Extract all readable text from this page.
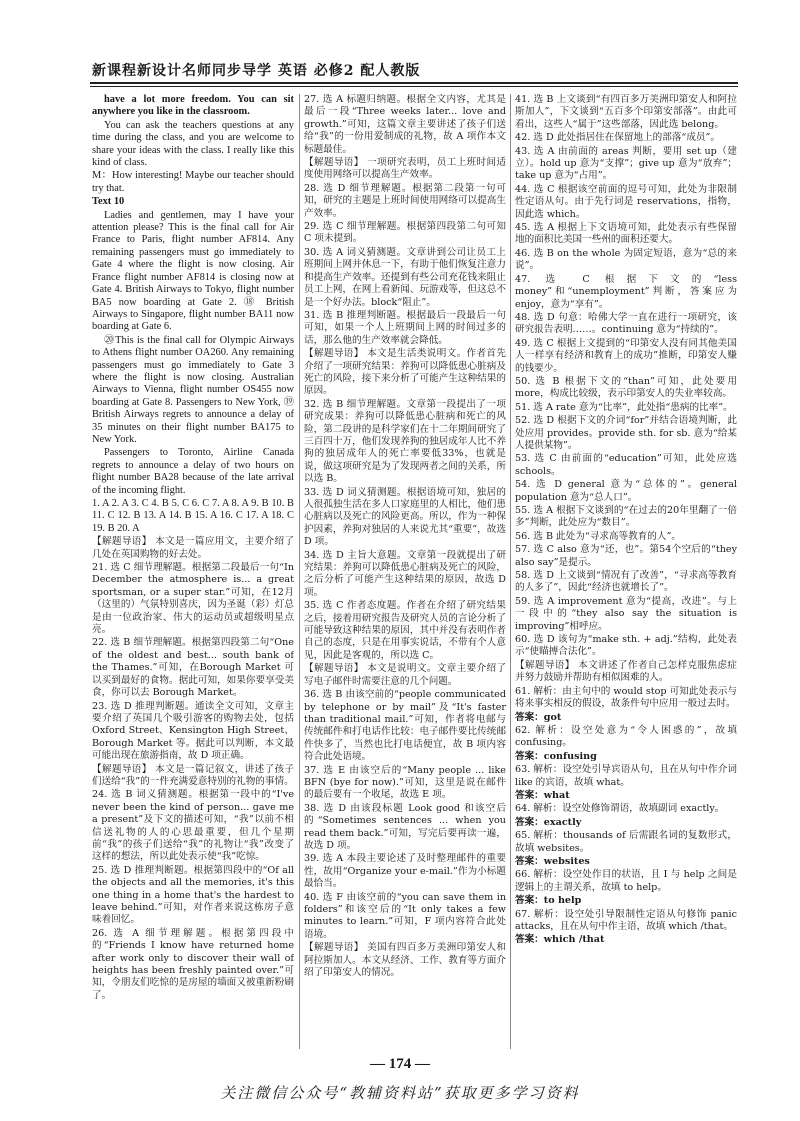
新课程新设计名师同步导学 英语 必修2 配人教版

have a lot more freedom. You can sit anywhere you like in the classroom.

You can ask the teachers questions at any time during the class, and you are welcome to share your ideas with the class. I really like this kind of class.

M：How interesting! Maybe our teacher should try that.

Text 10

Ladies and gentlemen, may I have your attention please? This is the final call for Air France to Paris, flight number AF814. Any remaining passengers must go immediately to Gate 4 where the flight is now closing. Air France flight number AF814 is closing now at Gate 4. British Airways to Tokyo, flight number BA5 now boarding at Gate 2. ⑱ British Airways to Singapore, flight number BA11 now boarding at Gate 6.

⑳This is the final call for Olympic Airways to Athens flight number OA260. Any remaining passengers must go immediately to Gate 3 where the flight is now closing. Australian Airways to Vienna, flight number OS455 now boarding at Gate 8. Passengers to New York, ⑲ British Airways regrets to announce a delay of 35 minutes on their flight number BA175 to New York.

Passengers to Toronto, Airline Canada regrets to announce a delay of two hours on flight number BA28 because of the late arrival of the incoming flight.

1. A 2. A 3. C 4. B 5. C 6. C 7. A 8. A 9. B 10. B 11. C 12. B 13. A 14. B 15. A 16. C 17. A 18. C 19. B 20. A

【解题导语】 本文是一篇应用文，主要介绍了几处在英国购物的好去处。

21. 选 C 细节理解题。根据第二段最后一句“In December the atmosphere is... a great sportsman, or a super star.”可知，在12月（这里的）气氛特别喜庆，因为圣诞（彩）灯总是由一位政治家、伟大的运动员或超级明星点亮。

22. 选 B 细节理解题。根据第四段第二句“One of the oldest and best... south bank of the Thames.”可知，在Borough Market 可以买到最好的食物。据此可知，如果你要享受美食，你可以去 Borough Market。

23. 选 D 推理判断题。通读全文可知，文章主要介绍了英国几个吸引游客的购物去处，包括 Oxford Street、Kensington High Street、Borough Market 等。据此可以判断，本文最可能出现在旅游指南，故 D 项正确。

【解题导语】 本文是一篇记叙文，讲述了孩子们送给“我”的一件充满爱意特别的礼物的事情。

24. 选 B 词义猜测题。根据第一段中的“I've never been the kind of person... gave me a present”及下文的描述可知，“我”以前不相信送礼物的人的心思最重要，但几个星期前“我”的孩子们送给“我”的礼物让“我”改变了这样的想法，所以此处表示使“我”吃惊。

25. 选 D 推理判断题。根据第四段中的“Of all the objects and all the memories, it's this one thing in a home that's the hardest to leave behind.”可知，对作者来说这栋房子意味着回忆。

26. 选 A 细节理解题。根据第四段中的“Friends I know have returned home after work only to discover their wall of heights has been freshly painted over.”可知，令朋友们吃惊的是房屋的墙面又被重新粉刷了。

27. 选 A 标题归纳题。根据全文内容，尤其是最后一段“Three weeks later... love and growth.”可知，这篇文章主要讲述了孩子们送给“我”的一份用爱制成的礼物，故 A 项作本文标题最佳。

【解题导语】 一项研究表明，员工上班时间适度使用网络可以提高生产效率。

28. 选 D 细节理解题。根据第二段第一句可知，研究的主题是上班时间使用网络可以提高生产效率。

29. 选 C 细节理解题。根据第四段第二句可知 C 项未提到。

30. 选 A 词义猜测题。文章讲到公司让员工上班期间上网并休息一下，有助于他们恢复注意力和提高生产效率。还提到有些公司充花钱来阻止员工上网，在网上看新闻、玩游戏等，但这总不是一个好办法。block“阻止”。

31. 选 B 推理判断题。根据最后一段最后一句可知，如果一个人上班期间上网的时间过多的话，那么他的生产效率就会降低。

【解题导语】 本文是生活类说明文。作者首先介绍了一项研究结果：养狗可以降低患心脏病及死亡的风险，接下来分析了可能产生这种结果的原因。

32. 选 B 细节理解题。文章第一段提出了一项研究成果：养狗可以降低患心脏病和死亡的风险，第二段讲的是科学家们在十二年期间研究了三百四十万，他们发现养狗的独居成年人比不养狗的独居成年人的死亡率要低33%，也就是说，做这项研究是为了发现两者之间的关系，所以选 B。

33. 选 D 词义猜测题。根据语境可知，独居的人很孤独生活在多人口家庭里的人相比，他们患心脏病以及死亡的风险更高。所以，作为一种保护因素，养狗对独居的人来说尤其“重要”，故选 D 项。

34. 选 D 主旨大意题。文章第一段就提出了研究结果：养狗可以降低患心脏病及死亡的风险，之后分析了可能产生这种结果的原因，故选 D 项。

35. 选 C 作者态度题。作者在介绍了研究结果之后，接着用研究报告及研究人员的言论分析了可能导致这种结果的原因，其中并没有表明作者自己的态度，只是在用事实说话，不带有个人意见，因此是客观的，所以选 C。

【解题导语】 本文是说明文。文章主要介绍了写电子邮件时需要注意的几个问题。

36. 选 B 由该空前的“people communicated by telephone or by mail”及“It's faster than traditional mail.”可知，作者将电邮与传统邮件和打电话作比较：电子邮件要比传统邮件快多了，当然也比打电话便宜，故 B 项内容符合此处语境。

37. 选 E 由该空后的“Many people ... like BFN (bye for now).”可知，这里是说在邮件的最后要有一个收尾，故选 E 项。

38. 选 D 由该段标题 Look good 和该空后的“Sometimes sentences ... when you read them back.”可知，写完后要再读一遍，故选 D 项。

39. 选 A 本段主要论述了及时整理邮件的重要性，故用“Organize your e-mail.”作为小标题最恰当。

40. 选 F 由该空前的“you can save them in folders”和该空后的“It only takes a few minutes to learn.”可知，F 项内容符合此处语境。

【解题导语】 美国有四百多万美洲印第安人和阿拉斯加人。本文从经济、工作、教育等方面介绍了印第安人的情况。

41. 选 B 上文谈到“有四百多万美洲印第安人和阿拉斯加人”，下文谈到“五百多个印第安部落”。由此可看出，这些人“属于”这些部落，因此选 belong。

42. 选 D 此处指居住在保留地上的部落“成员”。

43. 选 A 由前面的 areas 判断，要用 set up（建立）。hold up 意为“支撑”；give up 意为“放弃”；take up 意为“占用”。

44. 选 C 根据该空前面的逗号可知，此处为非限制性定语从句。由于先行词是 reservations，指物，因此选 which。

45. 选 A 根据上下文语境可知，此处表示有些保留地的面积比美国一些州的面积还要大。

46. 选 B on the whole 为固定短语，意为“总的来说”。

47. 选 C 根据下文的“less money”和“unemployment”判断，答案应为 enjoy，意为“享有”。

48. 选 D 句意：哈佛大学一直在进行一项研究，该研究报告表明……。continuing 意为“持续的”。

49. 选 C 根据上文提到的“印第安人没有同其他美国人一样享有经济和教育上的成功”推断，印第安人赚的钱要少。

50. 选 B 根据下文的“than”可知，此处要用 more，构成比较级，表示印第安人的失业率较高。

51. 选 A rate 意为“比率”，此处指“患病的比率”。

52. 选 D 根据下文的介词“for”并结合语境判断，此处应用 provides。provide sth. for sb. 意为“给某人提供某物”。

53. 选 C 由前面的“education”可知，此处应选 schools。

54. 选 D general 意为“总体的”。general population 意为“总人口”。

55. 选 A 根据下文谈到的“在过去的20年里翻了一倍多”判断，此处应为“数目”。

56. 选 B 此处为“寻求高等教育的人”。

57. 选 C also 意为“还，也”。第54个空后的“they also say”是提示。

58. 选 D 上文谈到“情况有了改善”，“寻求高等教育的人多了”，因此“经济也就增长了”。

59. 选 A improvement 意为“提高，改进”。与上一段中的“they also say the situation is improving”相呼应。

60. 选 D 该句为“make sth. + adj.”结构，此处表示“使瞄搏合法化”。

【解题导语】 本文讲述了作者自己怎样克服焦虑症并努力鼓励并帮助有相似困难的人。

61. 解析：由主句中的 would stop 可知此处表示与将来事实相反的假设，故条件句中应用一般过去时。

答案：got

62. 解析：设空处意为“令人困惑的”，故填 confusing。

答案：confusing

63. 解析：设空处引导宾语从句，且在从句中作介词 like 的宾语，故填 what。

答案：what

64. 解析：设空处修饰谓语，故填副词 exactly。

答案：exactly

65. 解析：thousands of 后需跟名词的复数形式，故填 websites。

答案：websites

66. 解析：设空处作目的状语，且 I 与 help 之间是逻辑上的主谓关系，故填 to help。

答案：to help

67. 解析：设空处引导限制性定语从句修饰 panic attacks，且在从句中作主语，故填 which /that。

答案：which /that

— 174 —
关注微信公众号“教辅资料站”获取更多学习资料
